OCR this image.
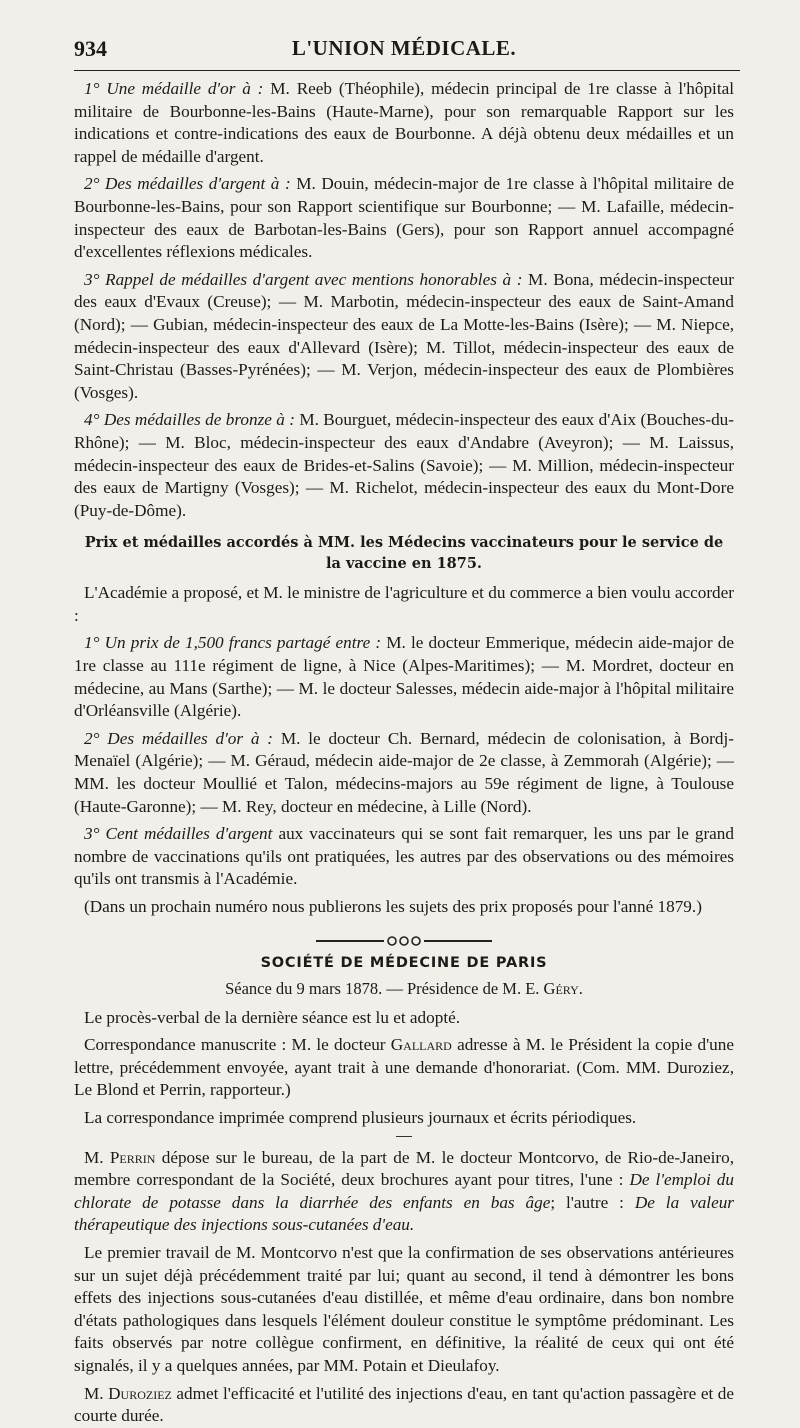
934	L'UNION MÉDICALE.

1° Une médaille d'or à : M. Reeb (Théophile), médecin principal de 1re classe à l'hôpital militaire de Bourbonne-les-Bains (Haute-Marne), pour son remarquable Rapport sur les indications et contre-indications des eaux de Bourbonne. A déjà obtenu deux médailles et un rappel de médaille d'argent.

2° Des médailles d'argent à : M. Douin, médecin-major de 1re classe à l'hôpital militaire de Bourbonne-les-Bains, pour son Rapport scientifique sur Bourbonne; — M. Lafaille, médecin-inspecteur des eaux de Barbotan-les-Bains (Gers), pour son Rapport annuel accompagné d'excellentes réflexions médicales.

3° Rappel de médailles d'argent avec mentions honorables à : M. Bona, médecin-inspecteur des eaux d'Evaux (Creuse); — M. Marbotin, médecin-inspecteur des eaux de Saint-Amand (Nord); — Gubian, médecin-inspecteur des eaux de La Motte-les-Bains (Isère); — M. Niepce, médecin-inspecteur des eaux d'Allevard (Isère); M. Tillot, médecin-inspecteur des eaux de Saint-Christau (Basses-Pyrénées); — M. Verjon, médecin-inspecteur des eaux de Plombières (Vosges).

4° Des médailles de bronze à : M. Bourguet, médecin-inspecteur des eaux d'Aix (Bouches-du-Rhône); — M. Bloc, médecin-inspecteur des eaux d'Andabre (Aveyron); — M. Laissus, médecin-inspecteur des eaux de Brides-et-Salins (Savoie); — M. Million, médecin-inspecteur des eaux de Martigny (Vosges); — M. Richelot, médecin-inspecteur des eaux du Mont-Dore (Puy-de-Dôme).

Prix et médailles accordés à MM. les Médecins vaccinateurs pour le service de
la vaccine en 1875.

L'Académie a proposé, et M. le ministre de l'agriculture et du commerce a bien voulu accorder :

1° Un prix de 1,500 francs partagé entre : M. le docteur Emmerique, médecin aide-major de 1re classe au 111e régiment de ligne, à Nice (Alpes-Maritimes); — M. Mordret, docteur en médecine, au Mans (Sarthe); — M. le docteur Salesses, médecin aide-major à l'hôpital militaire d'Orléansville (Algérie).

2° Des médailles d'or à : M. le docteur Ch. Bernard, médecin de colonisation, à Bordj-Menaïel (Algérie); — M. Géraud, médecin aide-major de 2e classe, à Zemmorah (Algérie); — MM. les docteur Moullié et Talon, médecins-majors au 59e régiment de ligne, à Toulouse (Haute-Garonne); — M. Rey, docteur en médecine, à Lille (Nord).

3° Cent médailles d'argent aux vaccinateurs qui se sont fait remarquer, les uns par le grand nombre de vaccinations qu'ils ont pratiquées, les autres par des observations ou des mémoires qu'ils ont transmis à l'Académie.

(Dans un prochain numéro nous publierons les sujets des prix proposés pour l'anné 1879.)

SOCIÉTÉ DE MÉDECINE DE PARIS
Séance du 9 mars 1878. — Présidence de M. E. Géry.

Le procès-verbal de la dernière séance est lu et adopté.

Correspondance manuscrite : M. le docteur Gallard adresse à M. le Président la copie d'une lettre, précédemment envoyée, ayant trait à une demande d'honorariat. (Com. MM. Duroziez, Le Blond et Perrin, rapporteur.)

La correspondance imprimée comprend plusieurs journaux et écrits périodiques.

M. Perrin dépose sur le bureau, de la part de M. le docteur Montcorvo, de Rio-de-Janeiro, membre correspondant de la Société, deux brochures ayant pour titres, l'une : De l'emploi du chlorate de potasse dans la diarrhée des enfants en bas âge; l'autre : De la valeur thérapeutique des injections sous-cutanées d'eau.

Le premier travail de M. Montcorvo n'est que la confirmation de ses observations antérieures sur un sujet déjà précédemment traité par lui; quant au second, il tend à démontrer les bons effets des injections sous-cutanées d'eau distillée, et même d'eau ordinaire, dans bon nombre d'états pathologiques dans lesquels l'élément douleur constitue le symptôme prédominant. Les faits observés par notre collègue confirment, en définitive, la réalité de ceux qui ont été signalés, il y a quelques années, par MM. Potain et Dieulafoy.

M. Duroziez admet l'efficacité et l'utilité des injections d'eau, en tant qu'action passagère et de courte durée.
